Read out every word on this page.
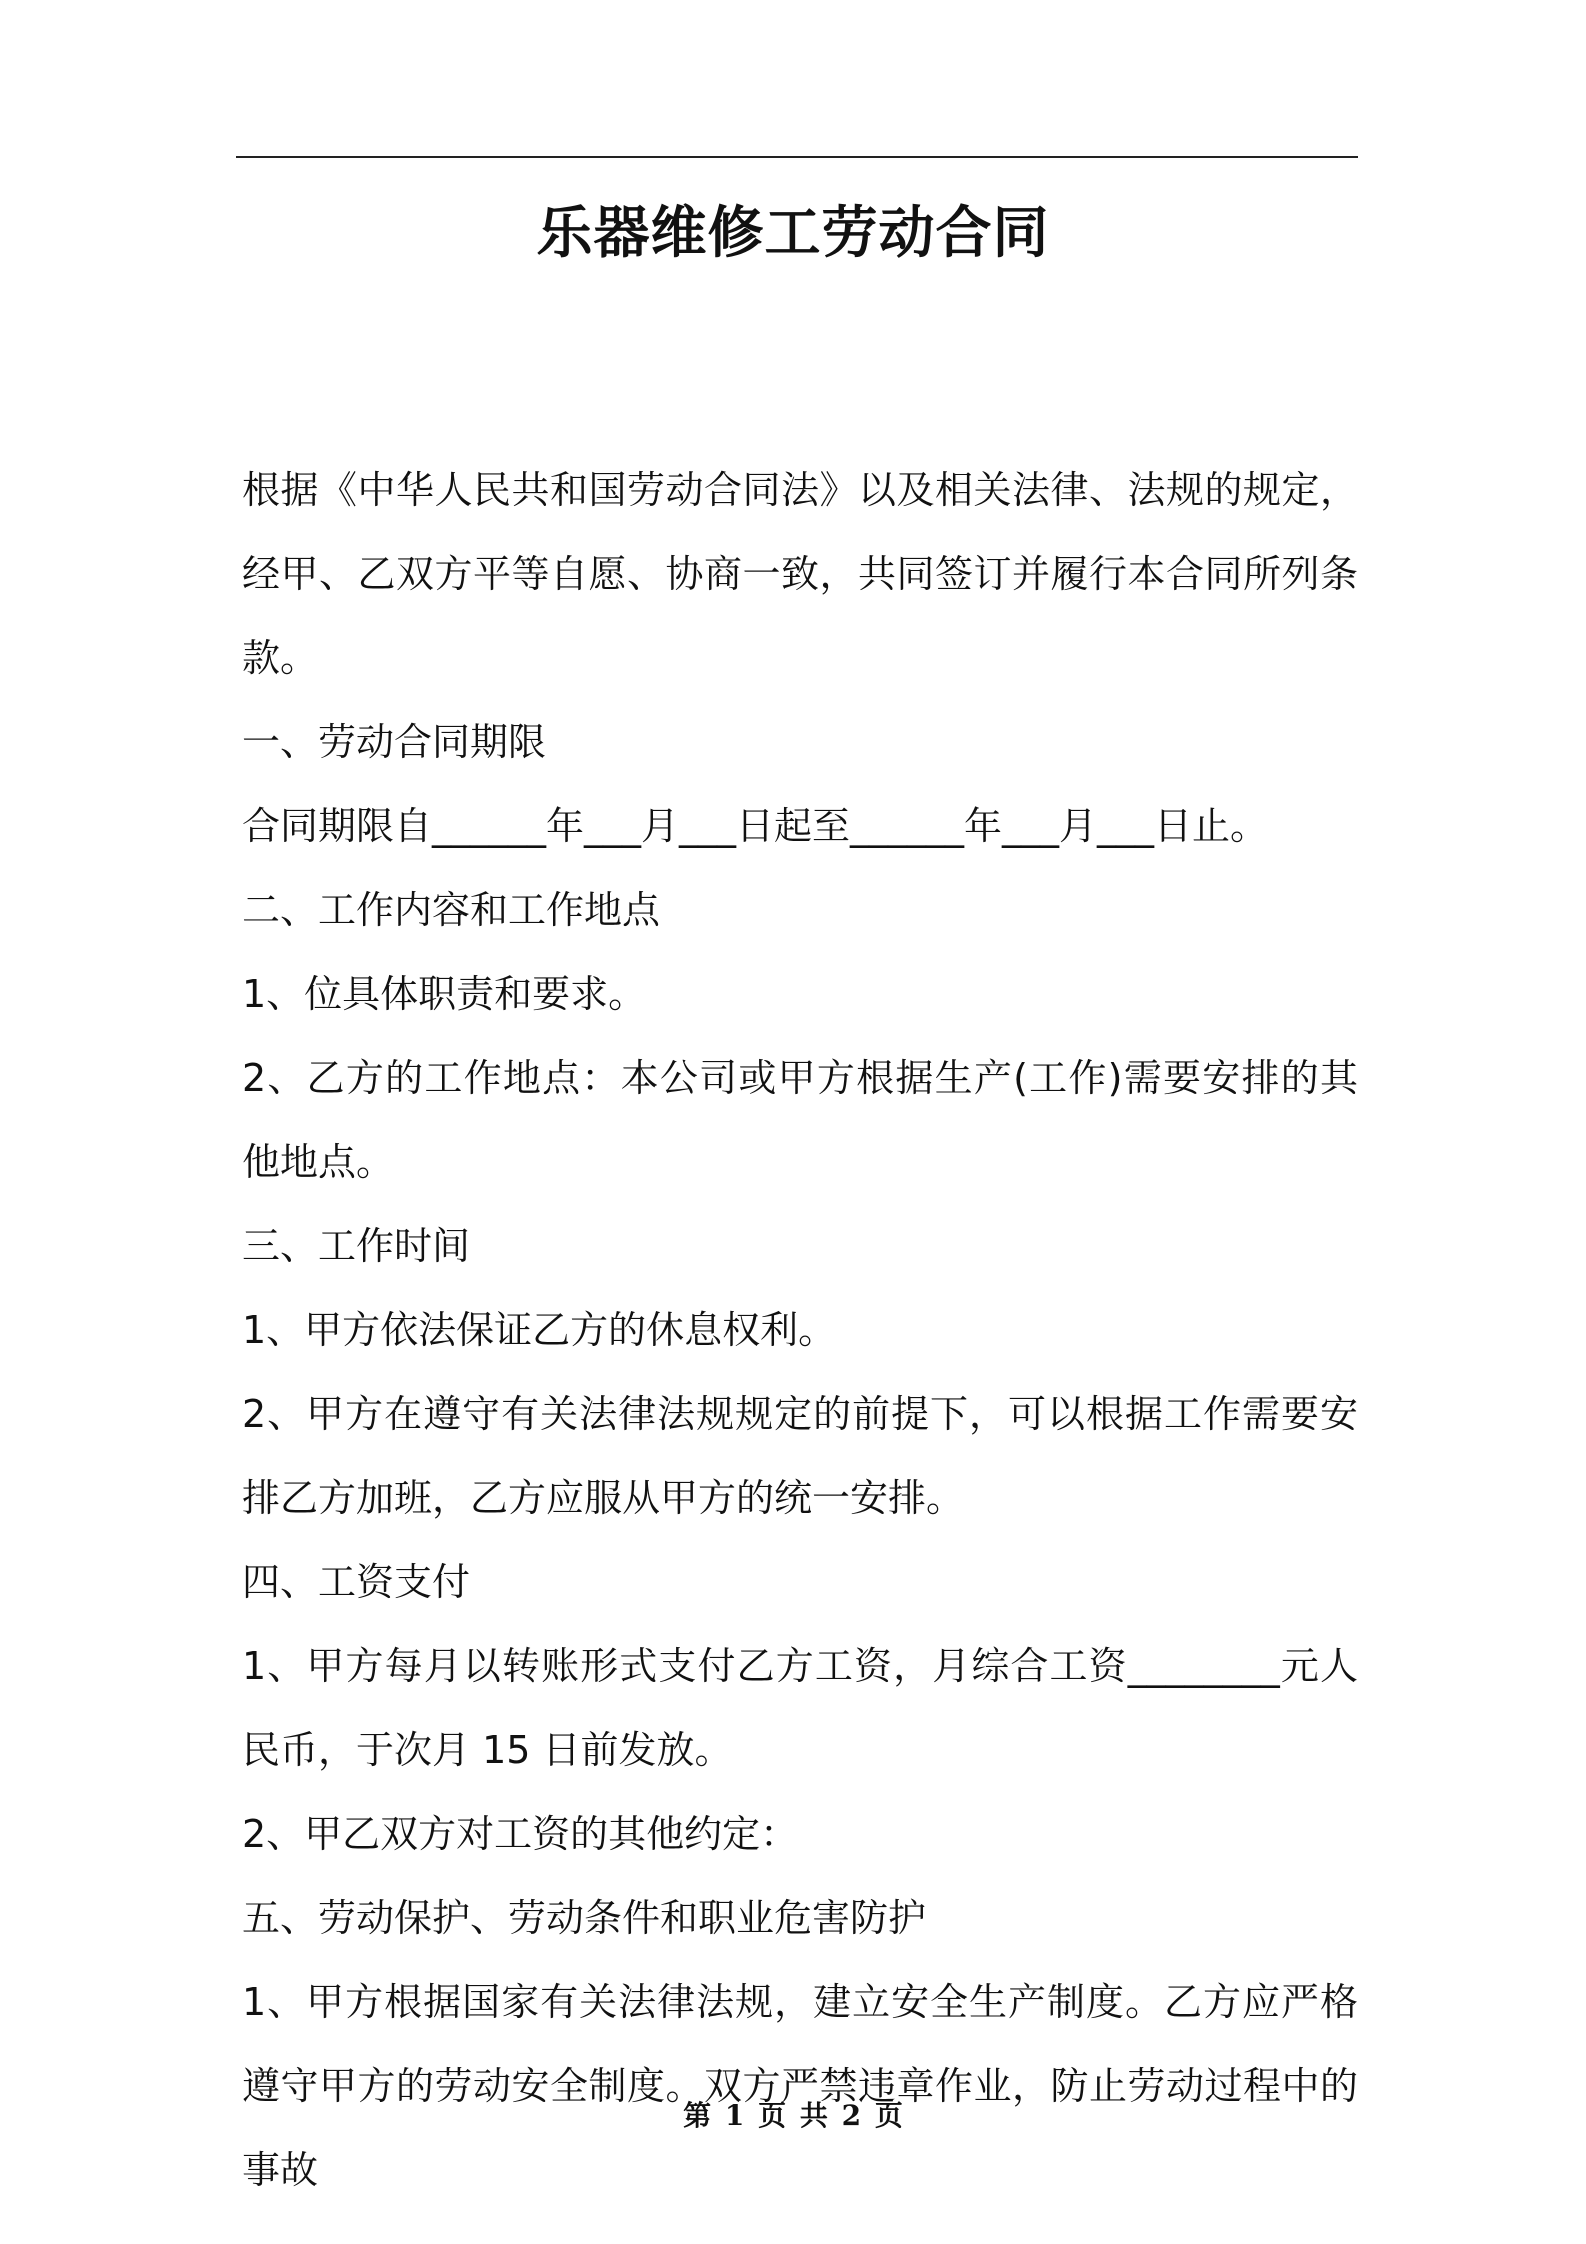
乐器维修工劳动合同

根据《中华人民共和国劳动合同法》以及相关法律、法规的规定，经甲、乙双方平等自愿、协商一致，共同签订并履行本合同所列条款。

一、劳动合同期限

合同期限自______年___月___日起至______年___月___日止。

二、工作内容和工作地点

1、位具体职责和要求。

2、乙方的工作地点：本公司或甲方根据生产(工作)需要安排的其他地点。

三、工作时间

1、甲方依法保证乙方的休息权利。

2、甲方在遵守有关法律法规规定的前提下，可以根据工作需要安排乙方加班，乙方应服从甲方的统一安排。

四、工资支付

1、甲方每月以转账形式支付乙方工资，月综合工资________元人民币，于次月 15 日前发放。

2、甲乙双方对工资的其他约定：

五、劳动保护、劳动条件和职业危害防护

1、甲方根据国家有关法律法规，建立安全生产制度。乙方应严格遵守甲方的劳动安全制度。双方严禁违章作业，防止劳动过程中的事故

第 1 页 共 2 页
